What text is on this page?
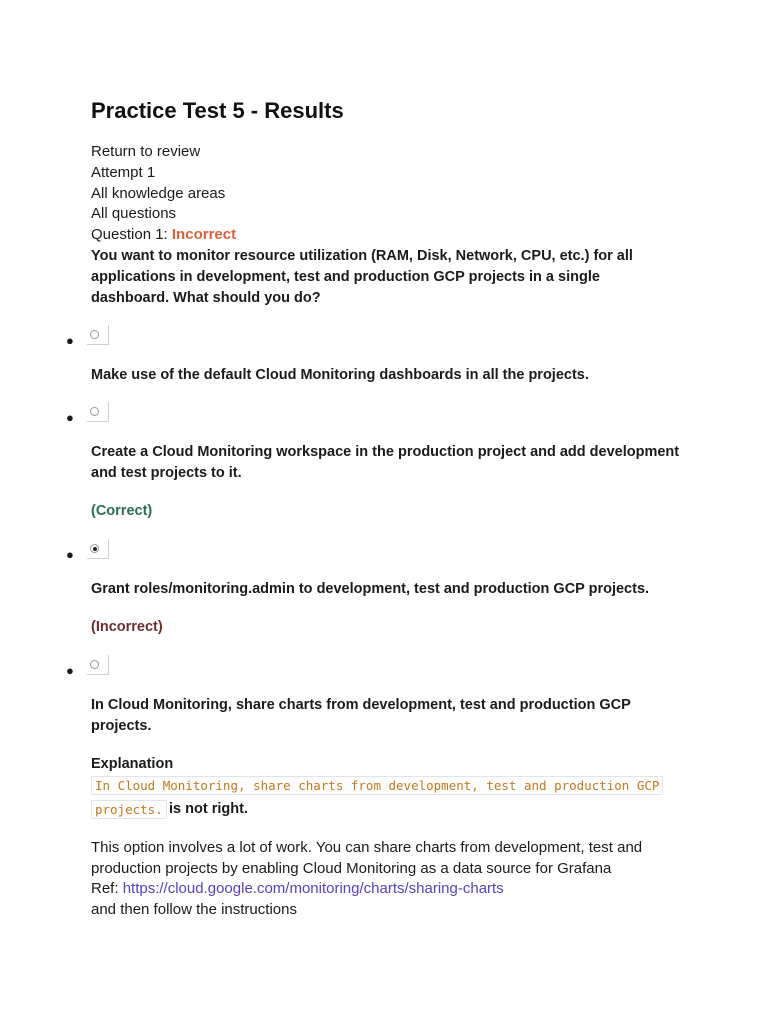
Practice Test 5 - Results
Return to review
Attempt 1
All knowledge areas
All questions
Question 1: Incorrect
You want to monitor resource utilization (RAM, Disk, Network, CPU, etc.) for all applications in development, test and production GCP projects in a single dashboard. What should you do?
●
Make use of the default Cloud Monitoring dashboards in all the projects.
●
Create a Cloud Monitoring workspace in the production project and add development and test projects to it.
(Correct)
●
Grant roles/monitoring.admin to development, test and production GCP projects.
(Incorrect)
●
In Cloud Monitoring, share charts from development, test and production GCP projects.
Explanation
In Cloud Monitoring, share charts from development, test and production GCP
projects. is not right.
This option involves a lot of work. You can share charts from development, test and
production projects by enabling Cloud Monitoring as a data source for Grafana
Ref: https://cloud.google.com/monitoring/charts/sharing-charts
and then follow the instructions
